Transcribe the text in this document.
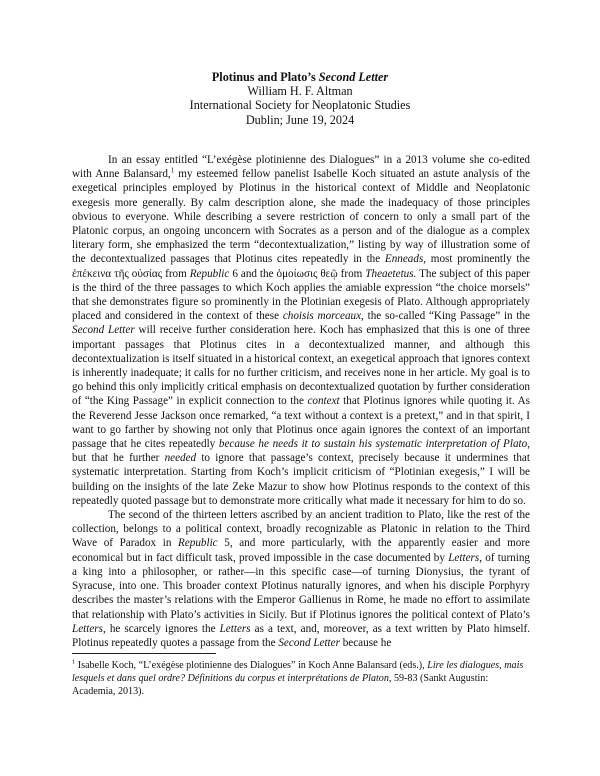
Plotinus and Plato’s Second Letter
William H. F. Altman
International Society for Neoplatonic Studies
Dublin; June 19, 2024

In an essay entitled “L’exégèse plotinienne des Dialogues” in a 2013 volume she co-edited with Anne Balansard,$^1$ my esteemed fellow panelist Isabelle Koch situated an astute analysis of the exegetical principles employed by Plotinus in the historical context of Middle and Neoplatonic exegesis more generally. By calm description alone, she made the inadequacy of those principles obvious to everyone. While describing a severe restriction of concern to only a small part of the Platonic corpus, an ongoing unconcern with Socrates as a person and of the dialogue as a complex literary form, she emphasized the term “decontextualization,” listing by way of illustration some of the decontextualized passages that Plotinus cites repeatedly in the Enneads, most prominently the ἐπέκεινα τῆς οὐσίας from Republic 6 and the ὁμοίωσις θεῷ from Theaetetus. The subject of this paper is the third of the three passages to which Koch applies the amiable expression “the choice morsels” that she demonstrates figure so prominently in the Plotinian exegesis of Plato. Although appropriately placed and considered in the context of these choisis morceaux, the so-called “King Passage” in the Second Letter will receive further consideration here. Koch has emphasized that this is one of three important passages that Plotinus cites in a decontextualized manner, and although this decontextualization is itself situated in a historical context, an exegetical approach that ignores context is inherently inadequate; it calls for no further criticism, and receives none in her article. My goal is to go behind this only implicitly critical emphasis on decontextualized quotation by further consideration of “the King Passage” in explicit connection to the context that Plotinus ignores while quoting it. As the Reverend Jesse Jackson once remarked, “a text without a context is a pretext,” and in that spirit, I want to go farther by showing not only that Plotinus once again ignores the context of an important passage that he cites repeatedly because he needs it to sustain his systematic interpretation of Plato, but that he further needed to ignore that passage’s context, precisely because it undermines that systematic interpretation. Starting from Koch’s implicit criticism of “Plotinian exegesis,” I will be building on the insights of the late Zeke Mazur to show how Plotinus responds to the context of this repeatedly quoted passage but to demonstrate more critically what made it necessary for him to do so.

The second of the thirteen letters ascribed by an ancient tradition to Plato, like the rest of the collection, belongs to a political context, broadly recognizable as Platonic in relation to the Third Wave of Paradox in Republic 5, and more particularly, with the apparently easier and more economical but in fact difficult task, proved impossible in the case documented by Letters, of turning a king into a philosopher, or rather—in this specific case—of turning Dionysius, the tyrant of Syracuse, into one. This broader context Plotinus naturally ignores, and when his disciple Porphyry describes the master’s relations with the Emperor Gallienus in Rome, he made no effort to assimilate that relationship with Plato’s activities in Sicily. But if Plotinus ignores the political context of Plato’s Letters, he scarcely ignores the Letters as a text, and, moreover, as a text written by Plato himself. Plotinus repeatedly quotes a passage from the Second Letter because he

$^1$ Isabelle Koch, “L’exégèse plotinienne des Dialogues” in Koch Anne Balansard (eds.), Lire les dialogues, mais lesquels et dans quel ordre? Définitions du corpus et interprétations de Platon, 59-83 (Sankt Augustin: Academia, 2013).
